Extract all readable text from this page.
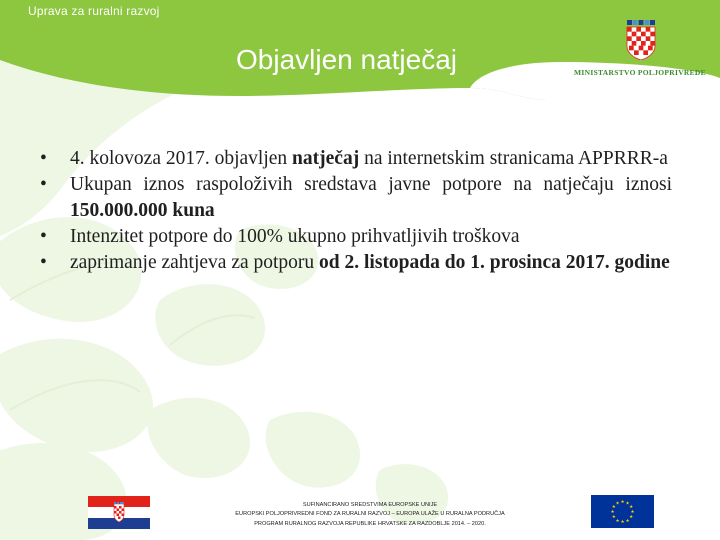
Uprava za ruralni razvoj
Objavljen natječaj	MINISTARSTVO POLJOPRIVREDE
• 4. kolovoza 2017. objavljen natječaj na internetskim stranicama APPRRR-a
• Ukupan iznos raspoloživih sredstava javne potpore na natječaju iznosi 150.000.000 kuna
• Intenzitet potpore do 100% ukupno prihvatljivih troškova
• zaprimanje zahtjeva za potporu od 2. listopada do 1. prosinca 2017. godine
SUFINANCIRANO SREDSTVIMA EUROPSKE UNIJE
EUROPSKI POLJOPRIVREDNI FOND ZA RURALNI RAZVOJ – EUROPA ULAŽE U RURALNA PODRUČJA
PROGRAM RURALNOG RAZVOJA REPUBLIKE HRVATSKE ZA RAZDOBLJE 2014. – 2020.
★ ★
★
★
★
★
★
★
★
★
★
★
